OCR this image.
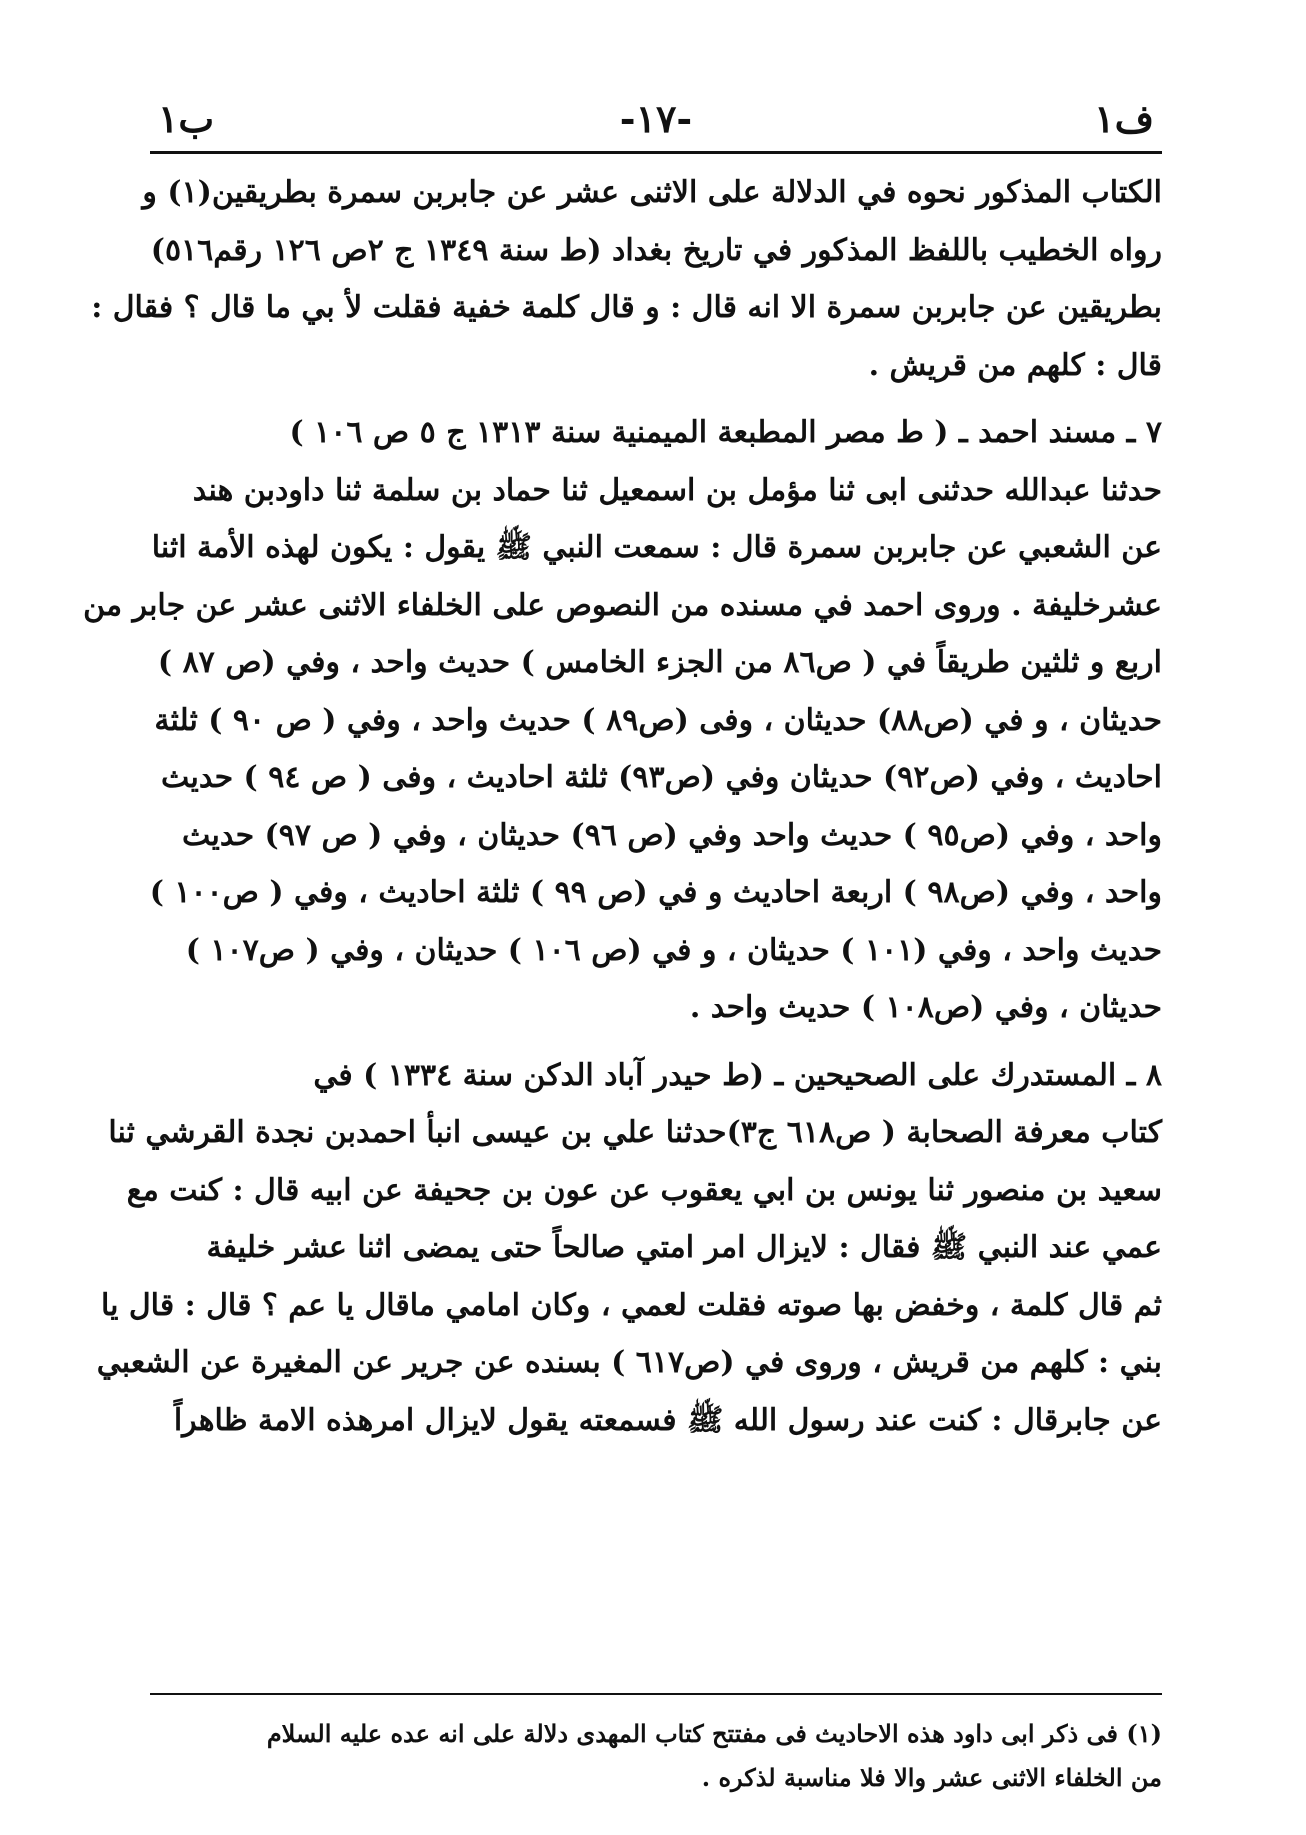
ف١
-١٧-
ب١
الكتاب المذكور نحوه في الدلالة على الاثنى عشر عن جابربن سمرة بطريقين(١) و
رواه الخطيب باللفظ المذكور في تاريخ بغداد (ط سنة ١٣٤٩ ج ٢ص ١٢٦ رقم٥١٦)
بطريقين عن جابربن سمرة الا انه قال : و قال كلمة خفية فقلت لأ بي ما قال ؟ فقال :
قال : كلهم من قريش .
٧ ـ مسند احمد ـ ( ط مصر المطبعة الميمنية سنة ١٣١٣ ج ٥ ص ١٠٦ )
حدثنا عبدالله حدثنى ابى ثنا مؤمل بن اسمعيل ثنا حماد بن سلمة ثنا داودبن هند
عن الشعبي عن جابربن سمرة قال : سمعت النبي ﷺ يقول : يكون لهذه الأمة اثنا
عشرخليفة . وروى احمد في مسنده من النصوص على الخلفاء الاثنى عشر عن جابر من
اربع و ثلثين طريقاً في ( ص٨٦ من الجزء الخامس ) حديث واحد ، وفي (ص ٨٧ )
حديثان ، و في (ص٨٨) حديثان ، وفى (ص٨٩ ) حديث واحد ، وفي ( ص ٩٠ ) ثلثة
احاديث ، وفي (ص٩٢) حديثان وفي (ص٩٣) ثلثة احاديث ، وفى ( ص ٩٤ ) حديث
واحد ، وفي (ص٩٥ ) حديث واحد وفي (ص ٩٦) حديثان ، وفي ( ص ٩٧) حديث
واحد ، وفي (ص٩٨ ) اربعة احاديث و في (ص ٩٩ ) ثلثة احاديث ، وفي ( ص١٠٠ )
حديث واحد ، وفي (١٠١ ) حديثان ، و في (ص ١٠٦ ) حديثان ، وفي ( ص١٠٧ )
حديثان ، وفي (ص١٠٨ ) حديث واحد .
٨ ـ المستدرك على الصحيحين ـ (ط حيدر آباد الدكن سنة ١٣٣٤ ) في
كتاب معرفة الصحابة ( ص٦١٨ ج٣)حدثنا علي بن عيسى انبأ احمدبن نجدة القرشي ثنا
سعيد بن منصور ثنا يونس بن ابي يعقوب عن عون بن جحيفة عن ابيه قال : كنت مع
عمي عند النبي ﷺ فقال : لايزال امر امتي صالحاً حتى يمضى اثنا عشر خليفة
ثم قال كلمة ، وخفض بها صوته فقلت لعمي ، وكان امامي ماقال يا عم ؟ قال : قال يا
بني : كلهم من قريش ، وروى في (ص٦١٧ ) بسنده عن جرير عن المغيرة عن الشعبي
عن جابرقال : كنت عند رسول الله ﷺ فسمعته يقول لايزال امرهذه الامة ظاهراً
(١) فى ذكر ابى داود هذه الاحاديث فى مفتتح كتاب المهدى دلالة على انه عده عليه السلام
من الخلفاء الاثنى عشر والا فلا مناسبة لذكره .
